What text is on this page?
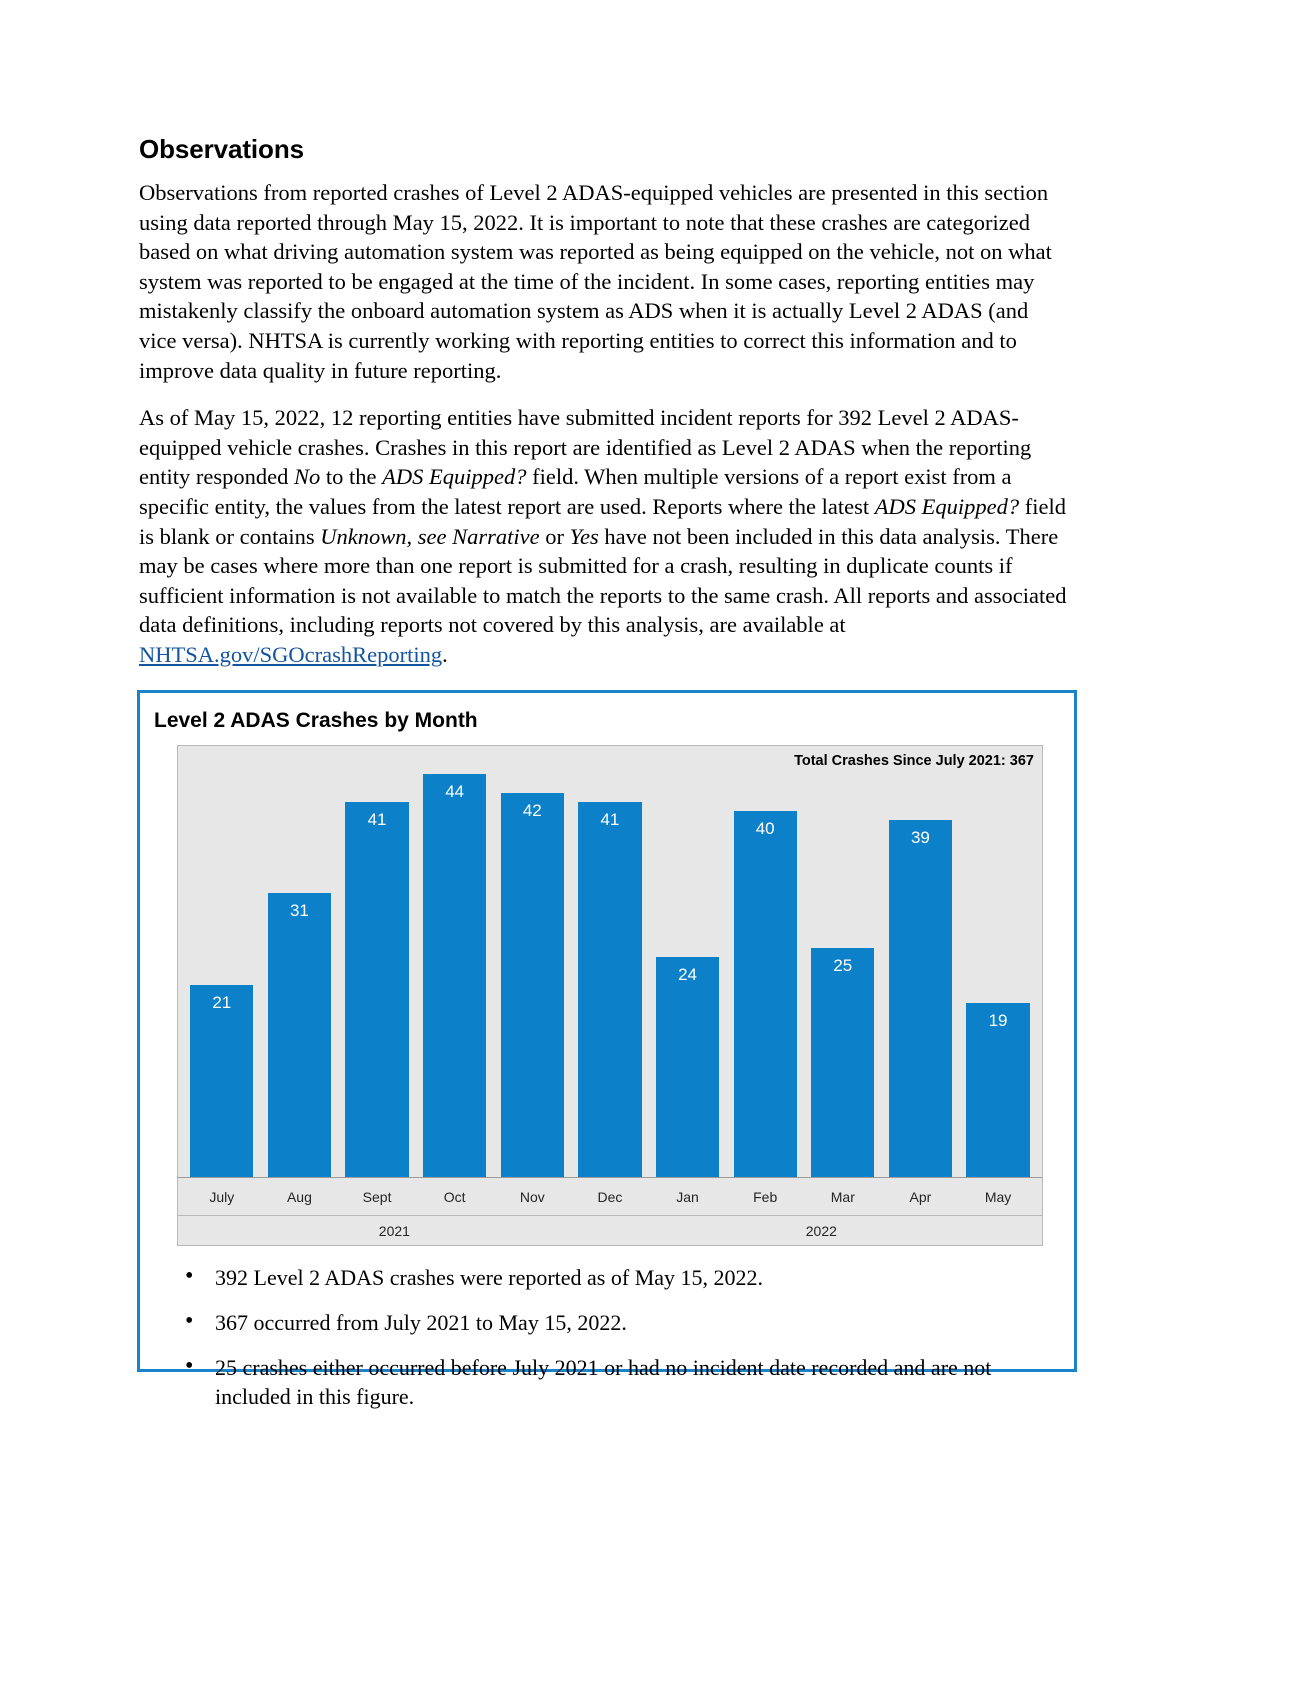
Observations

Observations from reported crashes of Level 2 ADAS-equipped vehicles are presented in this section using data reported through May 15, 2022. It is important to note that these crashes are categorized based on what driving automation system was reported as being equipped on the vehicle, not on what system was reported to be engaged at the time of the incident. In some cases, reporting entities may mistakenly classify the onboard automation system as ADS when it is actually Level 2 ADAS (and vice versa). NHTSA is currently working with reporting entities to correct this information and to improve data quality in future reporting.

As of May 15, 2022, 12 reporting entities have submitted incident reports for 392 Level 2 ADAS-equipped vehicle crashes. Crashes in this report are identified as Level 2 ADAS when the reporting entity responded No to the ADS Equipped? field. When multiple versions of a report exist from a specific entity, the values from the latest report are used. Reports where the latest ADS Equipped? field is blank or contains Unknown, see Narrative or Yes have not been included in this data analysis. There may be cases where more than one report is submitted for a crash, resulting in duplicate counts if sufficient information is not available to match the reports to the same crash. All reports and associated data definitions, including reports not covered by this analysis, are available at NHTSA.gov/SGOcrashReporting.

Level 2 ADAS Crashes by Month
Total Crashes Since July 2021: 367
21
31
41
44
42	41
24
40
25
39
19
July	Aug	Sept	Oct	Nov	Dec	Jan	Feb	Mar	Apr	May
2021	2022
• 392 Level 2 ADAS crashes were reported as of May 15, 2022.
• 367 occurred from July 2021 to May 15, 2022.
• 25 crashes either occurred before July 2021 or had no incident date recorded and are not included in this figure.
